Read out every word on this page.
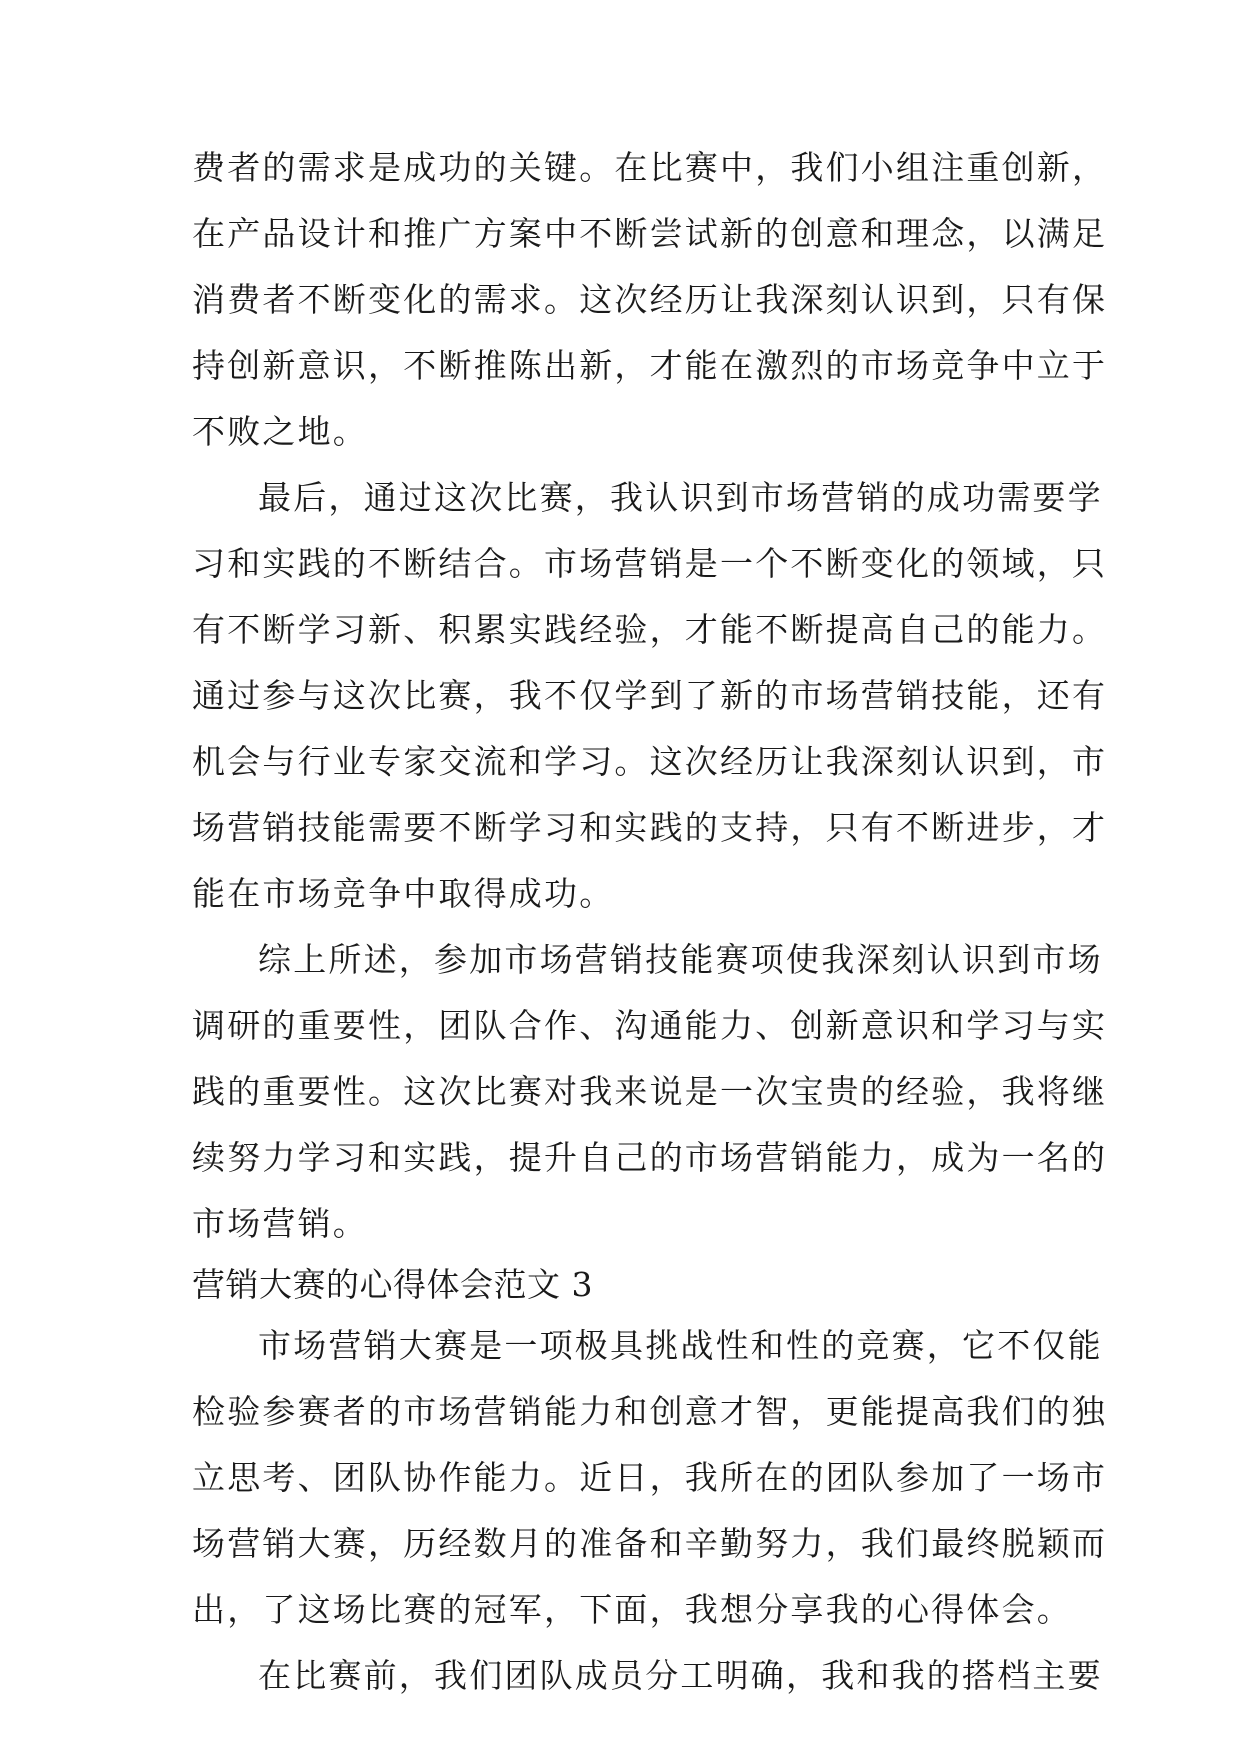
费者的需求是成功的关键。在比赛中，我们小组注重创新，
在产品设计和推广方案中不断尝试新的创意和理念，以满足
消费者不断变化的需求。这次经历让我深刻认识到，只有保
持创新意识，不断推陈出新，才能在激烈的市场竞争中立于
不败之地。
最后，通过这次比赛，我认识到市场营销的成功需要学
习和实践的不断结合。市场营销是一个不断变化的领域，只
有不断学习新、积累实践经验，才能不断提高自己的能力。
通过参与这次比赛，我不仅学到了新的市场营销技能，还有
机会与行业专家交流和学习。这次经历让我深刻认识到，市
场营销技能需要不断学习和实践的支持，只有不断进步，才
能在市场竞争中取得成功。
综上所述，参加市场营销技能赛项使我深刻认识到市场
调研的重要性，团队合作、沟通能力、创新意识和学习与实
践的重要性。这次比赛对我来说是一次宝贵的经验，我将继
续努力学习和实践，提升自己的市场营销能力，成为一名的
市场营销。
营销大赛的心得体会范文 3
市场营销大赛是一项极具挑战性和性的竞赛，它不仅能
检验参赛者的市场营销能力和创意才智，更能提高我们的独
立思考、团队协作能力。近日，我所在的团队参加了一场市
场营销大赛，历经数月的准备和辛勤努力，我们最终脱颖而
出，了这场比赛的冠军，下面，我想分享我的心得体会。
在比赛前，我们团队成员分工明确，我和我的搭档主要
